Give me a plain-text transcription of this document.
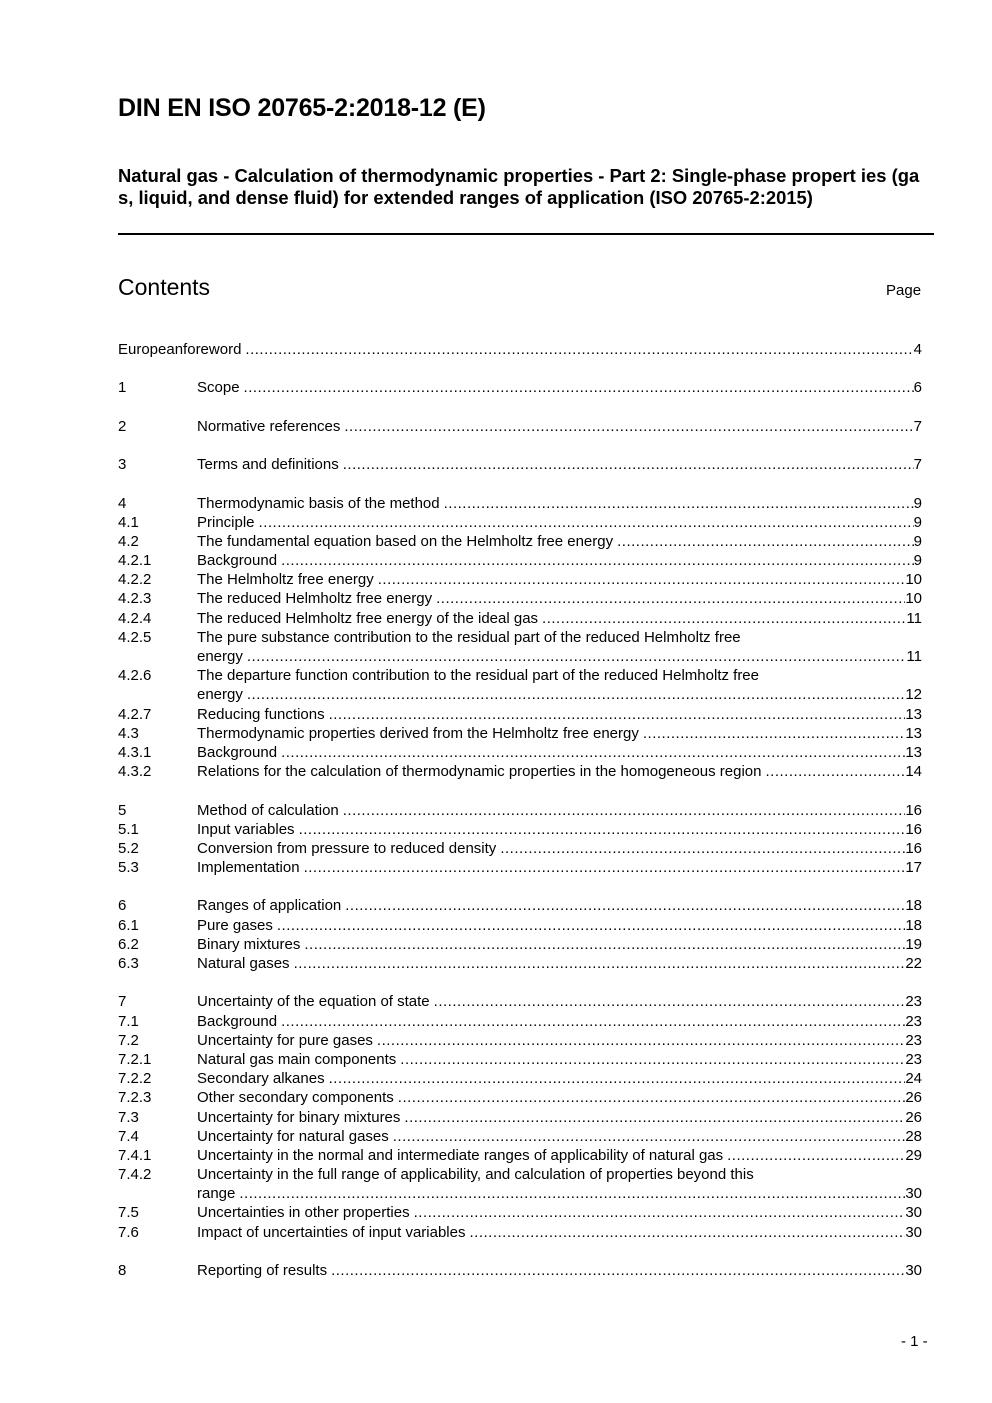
DIN EN ISO 20765-2:2018-12 (E)
Natural gas - Calculation of thermodynamic properties - Part 2: Single-phase propert ies (gas, liquid, and dense fluid) for extended ranges of application (ISO 20765-2:2015)
Contents	Page
Europeanforeword .....	4
1	Scope .....	6
2	Normative references .....	7
3	Terms and definitions .....	7
4	Thermodynamic basis of the method .....	9
4.1	Principle .....	9
4.2	The fundamental equation based on the Helmholtz free energy .....	9
4.2.1	Background .....	9
4.2.2	The Helmholtz free energy .....	10
4.2.3	The reduced Helmholtz free energy .....	10
4.2.4	The reduced Helmholtz free energy of the ideal gas .....	11
4.2.5	The pure substance contribution to the residual part of the reduced Helmholtz free
energy .....	11
4.2.6	The departure function contribution to the residual part of the reduced Helmholtz free
energy .....	12
4.2.7	Reducing functions .....	13
4.3	Thermodynamic properties derived from the Helmholtz free energy .....	13
4.3.1	Background .....	13
4.3.2	Relations for the calculation of thermodynamic properties in the homogeneous region .....	14
5	Method of calculation .....	16
5.1	Input variables .....	16
5.2	Conversion from pressure to reduced density .....	16
5.3	Implementation .....	17
6	Ranges of application .....	18
6.1	Pure gases .....	18
6.2	Binary mixtures .....	19
6.3	Natural gases .....	22
7	Uncertainty of the equation of state .....	23
7.1	Background .....	23
7.2	Uncertainty for pure gases .....	23
7.2.1	Natural gas main components .....	23
7.2.2	Secondary alkanes .....	24
7.2.3	Other secondary components .....	26
7.3	Uncertainty for binary mixtures .....	26
7.4	Uncertainty for natural gases .....	28
7.4.1	Uncertainty in the normal and intermediate ranges of applicability of natural gas .....	29
7.4.2	Uncertainty in the full range of applicability, and calculation of properties beyond this
range .....	30
7.5	Uncertainties in other properties .....	30
7.6	Impact of uncertainties of input variables .....	30
8	Reporting of results .....	30
- 1 -
